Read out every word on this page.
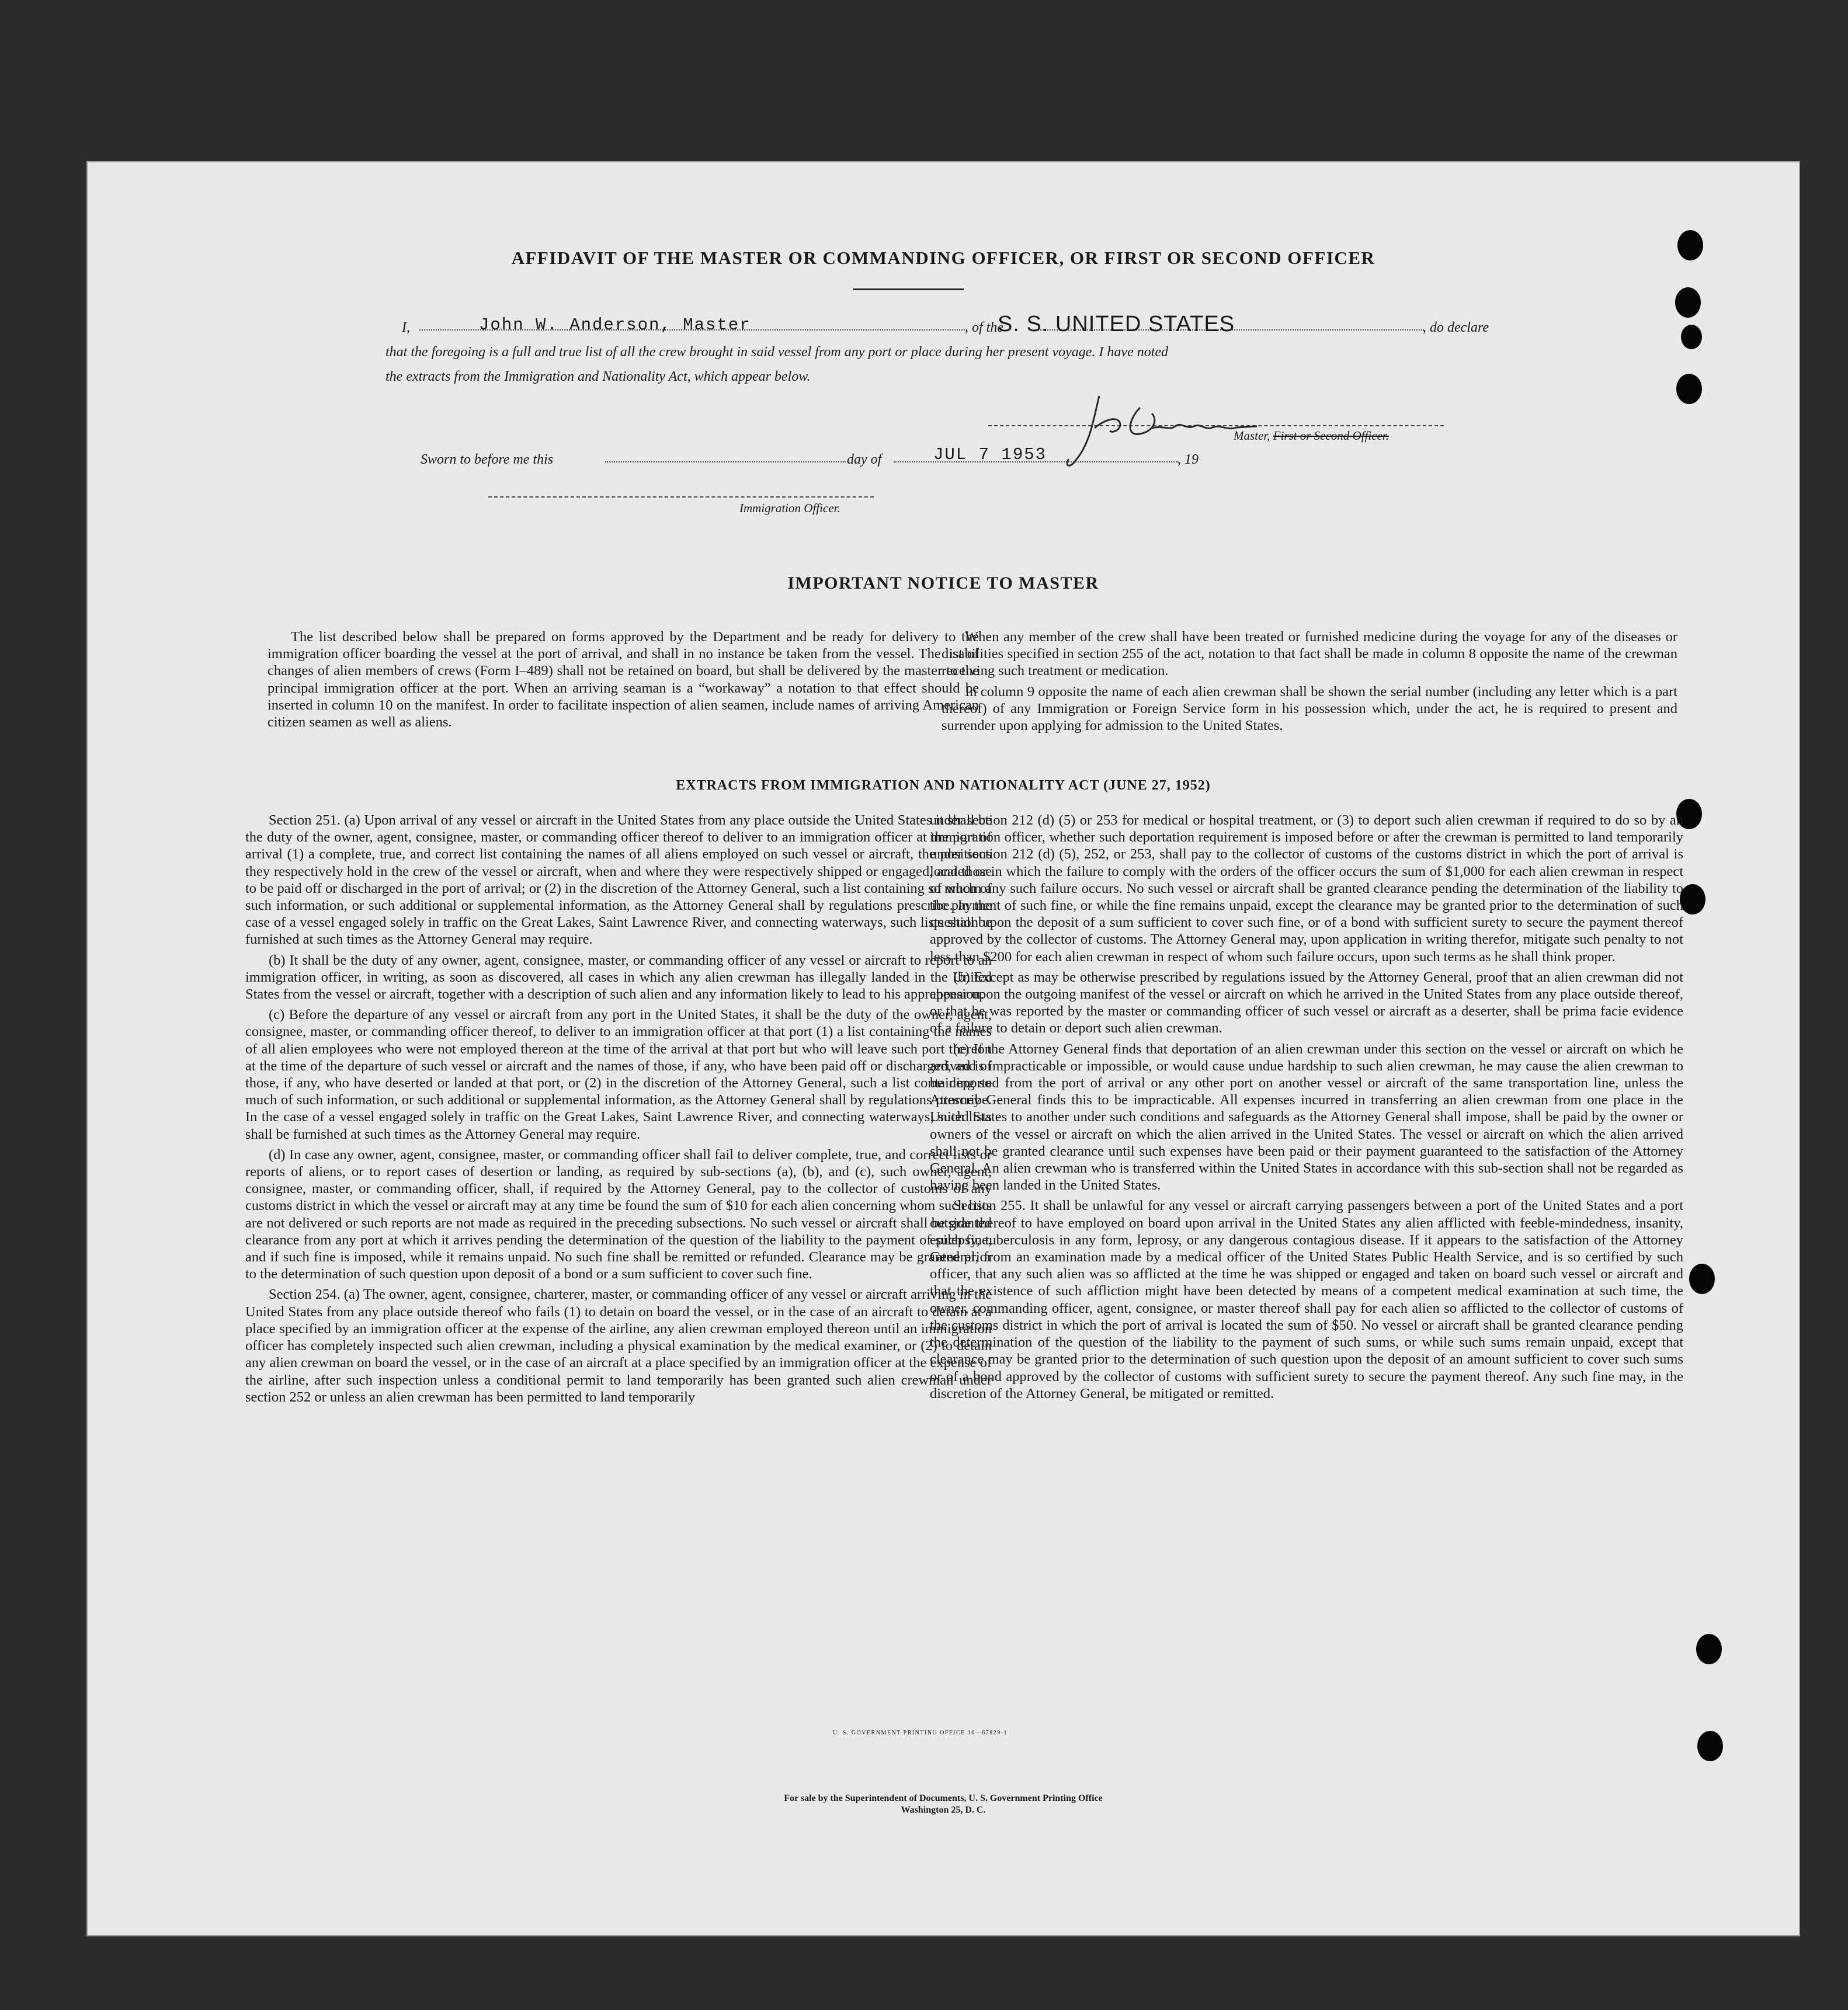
AFFIDAVIT OF THE MASTER OR COMMANDING OFFICER, OR FIRST OR SECOND OFFICER
I,	John W. Anderson, Master	, of the
S. S. UNITED STATES	, do declare
that the foregoing is a full and true list of all the crew brought in said vessel from any port or place during her present voyage. I have noted
the extracts from the Immigration and Nationality Act, which appear below.
Master, First or Second Officer.
Sworn to before me this	day of	JUL 7 1953	, 19
Immigration Officer.
IMPORTANT NOTICE TO MASTER

The list described below shall be prepared on forms approved by the Department and be ready for delivery to the immigration officer boarding the vessel at the port of arrival, and shall in no instance be taken from the vessel. The list of changes of alien members of crews (Form I–489) shall not be retained on board, but shall be delivered by the master to the principal immigration officer at the port. When an arriving seaman is a “workaway” a notation to that effect should be inserted in column 10 on the manifest. In order to facilitate inspection of alien seamen, include names of arriving American citizen seamen as well as aliens.

When any member of the crew shall have been treated or furnished medicine during the voyage for any of the diseases or disabilities specified in section 255 of the act, notation to that fact shall be made in column 8 opposite the name of the crewman receiving such treatment or medication.

In column 9 opposite the name of each alien crewman shall be shown the serial number (including any letter which is a part thereof) of any Immigration or Foreign Service form in his possession which, under the act, he is required to present and surrender upon applying for admission to the United States.

EXTRACTS FROM IMMIGRATION AND NATIONALITY ACT (JUNE 27, 1952)

Section 251. (a) Upon arrival of any vessel or aircraft in the United States from any place outside the United States it shall be the duty of the owner, agent, consignee, master, or commanding officer thereof to deliver to an immigration officer at the port of arrival (1) a complete, true, and correct list containing the names of all aliens employed on such vessel or aircraft, the positions they respectively hold in the crew of the vessel or aircraft, when and where they were respectively shipped or engaged, and those to be paid off or discharged in the port of arrival; or (2) in the discretion of the Attorney General, such a list containing so much of such information, or such additional or supplemental information, as the Attorney General shall by regulations prescribe. In the case of a vessel engaged solely in traffic on the Great Lakes, Saint Lawrence River, and connecting waterways, such lists shall be furnished at such times as the Attorney General may require.

(b) It shall be the duty of any owner, agent, consignee, master, or commanding officer of any vessel or aircraft to report to an immigration officer, in writing, as soon as discovered, all cases in which any alien crewman has illegally landed in the United States from the vessel or aircraft, together with a description of such alien and any information likely to lead to his apprehension.

(c) Before the departure of any vessel or aircraft from any port in the United States, it shall be the duty of the owner, agent, consignee, master, or commanding officer thereof, to deliver to an immigration officer at that port (1) a list containing the names of all alien employees who were not employed thereon at the time of the arrival at that port but who will leave such port thereon at the time of the departure of such vessel or aircraft and the names of those, if any, who have been paid off or discharged, and of those, if any, who have deserted or landed at that port, or (2) in the discretion of the Attorney General, such a list containing so much of such information, or such additional or supplemental information, as the Attorney General shall by regulations prescribe. In the case of a vessel engaged solely in traffic on the Great Lakes, Saint Lawrence River, and connecting waterways, such lists shall be furnished at such times as the Attorney General may require.

(d) In case any owner, agent, consignee, master, or commanding officer shall fail to deliver complete, true, and correct lists or reports of aliens, or to report cases of desertion or landing, as required by sub-sections (a), (b), and (c), such owner, agent, consignee, master, or commanding officer, shall, if required by the Attorney General, pay to the collector of customs of any customs district in which the vessel or aircraft may at any time be found the sum of $10 for each alien concerning whom such lists are not delivered or such reports are not made as required in the preceding subsections. No such vessel or aircraft shall be granted clearance from any port at which it arrives pending the determination of the question of the liability to the payment of such fine, and if such fine is imposed, while it remains unpaid. No such fine shall be remitted or refunded. Clearance may be granted prior to the determination of such question upon deposit of a bond or a sum sufficient to cover such fine.

Section 254. (a) The owner, agent, consignee, charterer, master, or commanding officer of any vessel or aircraft arriving in the United States from any place outside thereof who fails (1) to detain on board the vessel, or in the case of an aircraft to detain at a place specified by an immigration officer at the expense of the airline, any alien crewman employed thereon until an immigration officer has completely inspected such alien crewman, including a physical examination by the medical examiner, or (2) to detain any alien crewman on board the vessel, or in the case of an aircraft at a place specified by an immigration officer at the expense of the airline, after such inspection unless a conditional permit to land temporarily has been granted such alien crewman under section 252 or unless an alien crewman has been permitted to land temporarily

under section 212 (d) (5) or 253 for medical or hospital treatment, or (3) to deport such alien crewman if required to do so by an immigration officer, whether such deportation requirement is imposed before or after the crewman is permitted to land temporarily under section 212 (d) (5), 252, or 253, shall pay to the collector of customs of the customs district in which the port of arrival is located or in which the failure to comply with the orders of the officer occurs the sum of $1,000 for each alien crewman in respect of whom any such failure occurs. No such vessel or aircraft shall be granted clearance pending the determination of the liability to the payment of such fine, or while the fine remains unpaid, except the clearance may be granted prior to the determination of such question upon the deposit of a sum sufficient to cover such fine, or of a bond with sufficient surety to secure the payment thereof approved by the collector of customs. The Attorney General may, upon application in writing therefor, mitigate such penalty to not less than $200 for each alien crewman in respect of whom such failure occurs, upon such terms as he shall think proper.

(b) Except as may be otherwise prescribed by regulations issued by the Attorney General, proof that an alien crewman did not appear upon the outgoing manifest of the vessel or aircraft on which he arrived in the United States from any place outside thereof, or that he was reported by the master or commanding officer of such vessel or aircraft as a deserter, shall be prima facie evidence of a failure to detain or deport such alien crewman.

(c) If the Attorney General finds that deportation of an alien crewman under this section on the vessel or aircraft on which he arrived is impracticable or impossible, or would cause undue hardship to such alien crewman, he may cause the alien crewman to be deported from the port of arrival or any other port on another vessel or aircraft of the same transportation line, unless the Attorney General finds this to be impracticable. All expenses incurred in transferring an alien crewman from one place in the United States to another under such conditions and safeguards as the Attorney General shall impose, shall be paid by the owner or owners of the vessel or aircraft on which the alien arrived in the United States. The vessel or aircraft on which the alien arrived shall not be granted clearance until such expenses have been paid or their payment guaranteed to the satisfaction of the Attorney General. An alien crewman who is transferred within the United States in accordance with this sub-section shall not be regarded as having been landed in the United States.

Section 255. It shall be unlawful for any vessel or aircraft carrying passengers between a port of the United States and a port outside thereof to have employed on board upon arrival in the United States any alien afflicted with feeble-mindedness, insanity, epilepsy, tuberculosis in any form, leprosy, or any dangerous contagious disease. If it appears to the satisfaction of the Attorney General, from an examination made by a medical officer of the United States Public Health Service, and is so certified by such officer, that any such alien was so afflicted at the time he was shipped or engaged and taken on board such vessel or aircraft and that the existence of such affliction might have been detected by means of a competent medical examination at such time, the owner, commanding officer, agent, consignee, or master thereof shall pay for each alien so afflicted to the collector of customs of the customs district in which the port of arrival is located the sum of $50. No vessel or aircraft shall be granted clearance pending the determination of the question of the liability to the payment of such sums, or while such sums remain unpaid, except that clearance may be granted prior to the determination of such question upon the deposit of an amount sufficient to cover such sums or of a bond approved by the collector of customs with sufficient surety to secure the payment thereof. Any such fine may, in the discretion of the Attorney General, be mitigated or remitted.

U. S. GOVERNMENT PRINTING OFFICE 16—67829-1
For sale by the Superintendent of Documents, U. S. Government Printing Office
Washington 25, D. C.
